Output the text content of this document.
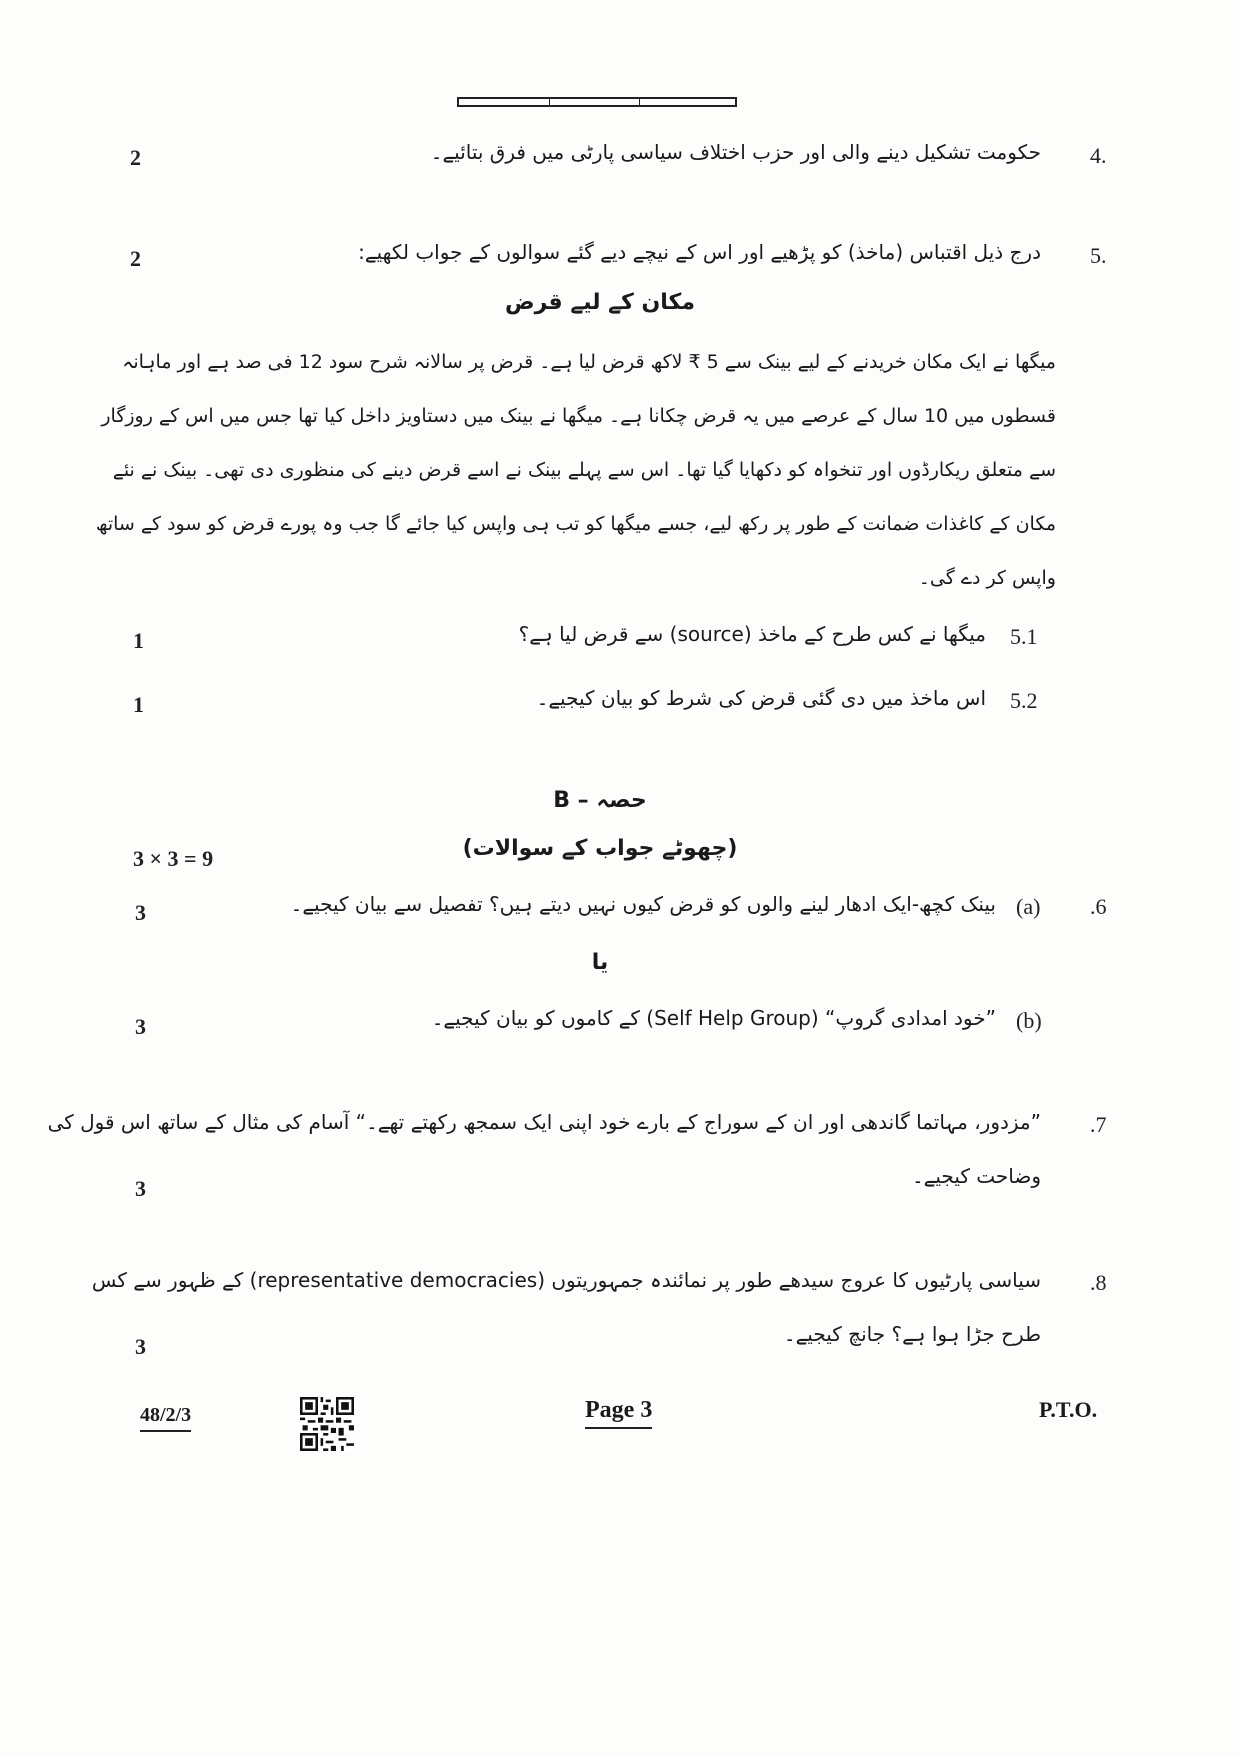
4.
حکومت تشکیل دینے والی اور حزب اختلاف سیاسی پارٹی میں فرق بتائیے۔
2
5.
درج ذیل اقتباس (ماخذ) کو پڑھیے اور اس کے نیچے دیے گئے سوالوں کے جواب لکھیے:
2
مکان کے لیے قرض
میگھا نے ایک مکان خریدنے کے لیے بینک سے 5 ₹ لاکھ قرض لیا ہے۔ قرض پر سالانہ شرح سود 12 فی صد ہے اور ماہانہ
قسطوں میں 10 سال کے عرصے میں یہ قرض چکانا ہے۔ میگھا نے بینک میں دستاویز داخل کیا تھا جس میں اس کے روزگار
سے متعلق ریکارڈوں اور تنخواہ کو دکھایا گیا تھا۔ اس سے پہلے بینک نے اسے قرض دینے کی منظوری دی تھی۔ بینک نے نئے
مکان کے کاغذات ضمانت کے طور پر رکھ لیے، جسے میگھا کو تب ہی واپس کیا جائے گا جب وہ پورے قرض کو سود کے ساتھ
واپس کر دے گی۔
5.1
میگھا نے کس طرح کے ماخذ (source) سے قرض لیا ہے؟
1
5.2
اس ماخذ میں دی گئی قرض کی شرط کو بیان کیجیے۔
1
حصہ – B
(چھوٹے جواب کے سوالات)
3 × 3 = 9
.6
(a)
بینک کچھ-ایک ادھار لینے والوں کو قرض کیوں نہیں دیتے ہیں؟ تفصیل سے بیان کیجیے۔
3
یا
(b)
”خود امدادی گروپ“ (Self Help Group) کے کاموں کو بیان کیجیے۔
3
.7
”مزدور، مہاتما گاندھی اور ان کے سوراج کے بارے خود اپنی ایک سمجھ رکھتے تھے۔“ آسام کی مثال کے ساتھ اس قول کی
وضاحت کیجیے۔
3
.8
سیاسی پارٹیوں کا عروج سیدھے طور پر نمائندہ جمہوریتوں (representative democracies) کے ظہور سے کس
طرح جڑا ہوا ہے؟ جانچ کیجیے۔
3
48/2/3	Page 3	P.T.O.
